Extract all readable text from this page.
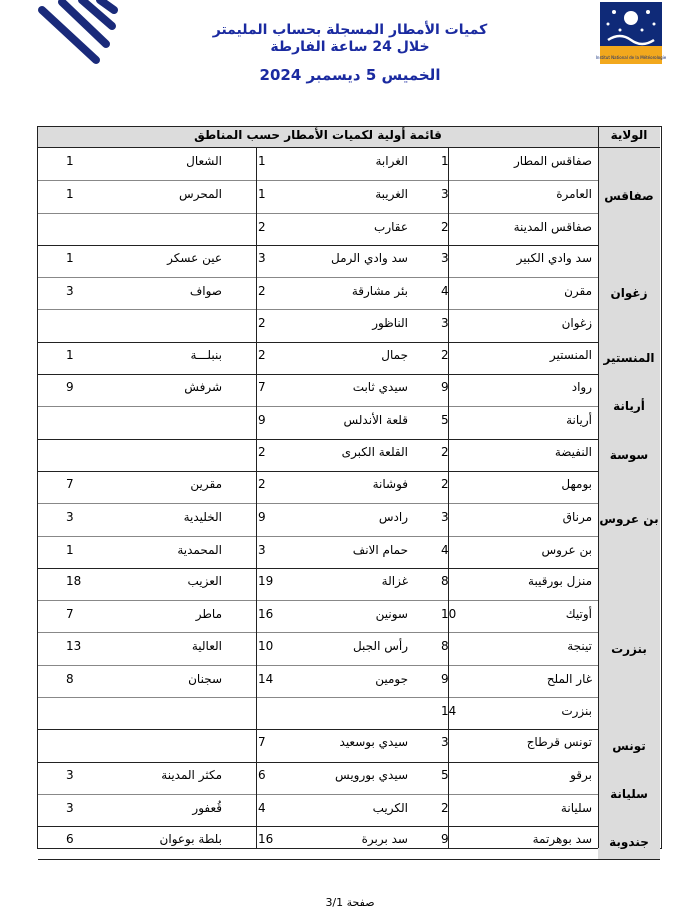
Institut National de la Météorologie
كميات الأمطار المسجلة بحساب المليمتر
خلال 24 ساعة الفارطة
الخميس 5 ديسمبر 2024
قائمة أولية لكميات الأمطار حسب المناطق	الولاية
صفاقس
صفاقس المطار
1
الغرابة
1
الشعال
1
العامرة
3
الغريبة
1
المحرس
1
صفاقس المدينة
2
عقارب
2
زغوان
سد وادي الكبير
3
سد وادي الرمل
3
عين عسكر
1
مقرن
4
بئر مشارقة
2
صواف
3
زغوان
3
الناظور
2
المنستير
المنستير
2
جمال
2
بنبلـــة
1
أريانة
رواد
9
سيدي ثابت
7
شرفش
9
أريانة
5
قلعة الأندلس
9
سوسة
النفيضة
2
القلعة الكبرى
2
بن عروس
بومهل
2
فوشانة
2
مقرين
7
مرناق
3
رادس
9
الخليدية
3
بن عروس
4
حمام الانف
3
المحمدية
1
بنزرت
منزل بورقيبة
8
غزالة
19
العزيب
18
أوتيك
10
سونين
16
ماطر
7
تينجة
8
رأس الجبل
10
العالية
13
غار الملح
9
جومين
14
سجنان
8
بنزرت
14
تونس
تونس قرطاج
3
سيدي بوسعيد
7
سليانة
برقو
5
سيدي بورويس
6
مكثر المدينة
3
سليانة
2
الكريب
4
قُعفور
3
جندوبة
سد بوهرتمة
9
سد بربرة
16
بلطة بوعوان
6
صفحة 3/1
